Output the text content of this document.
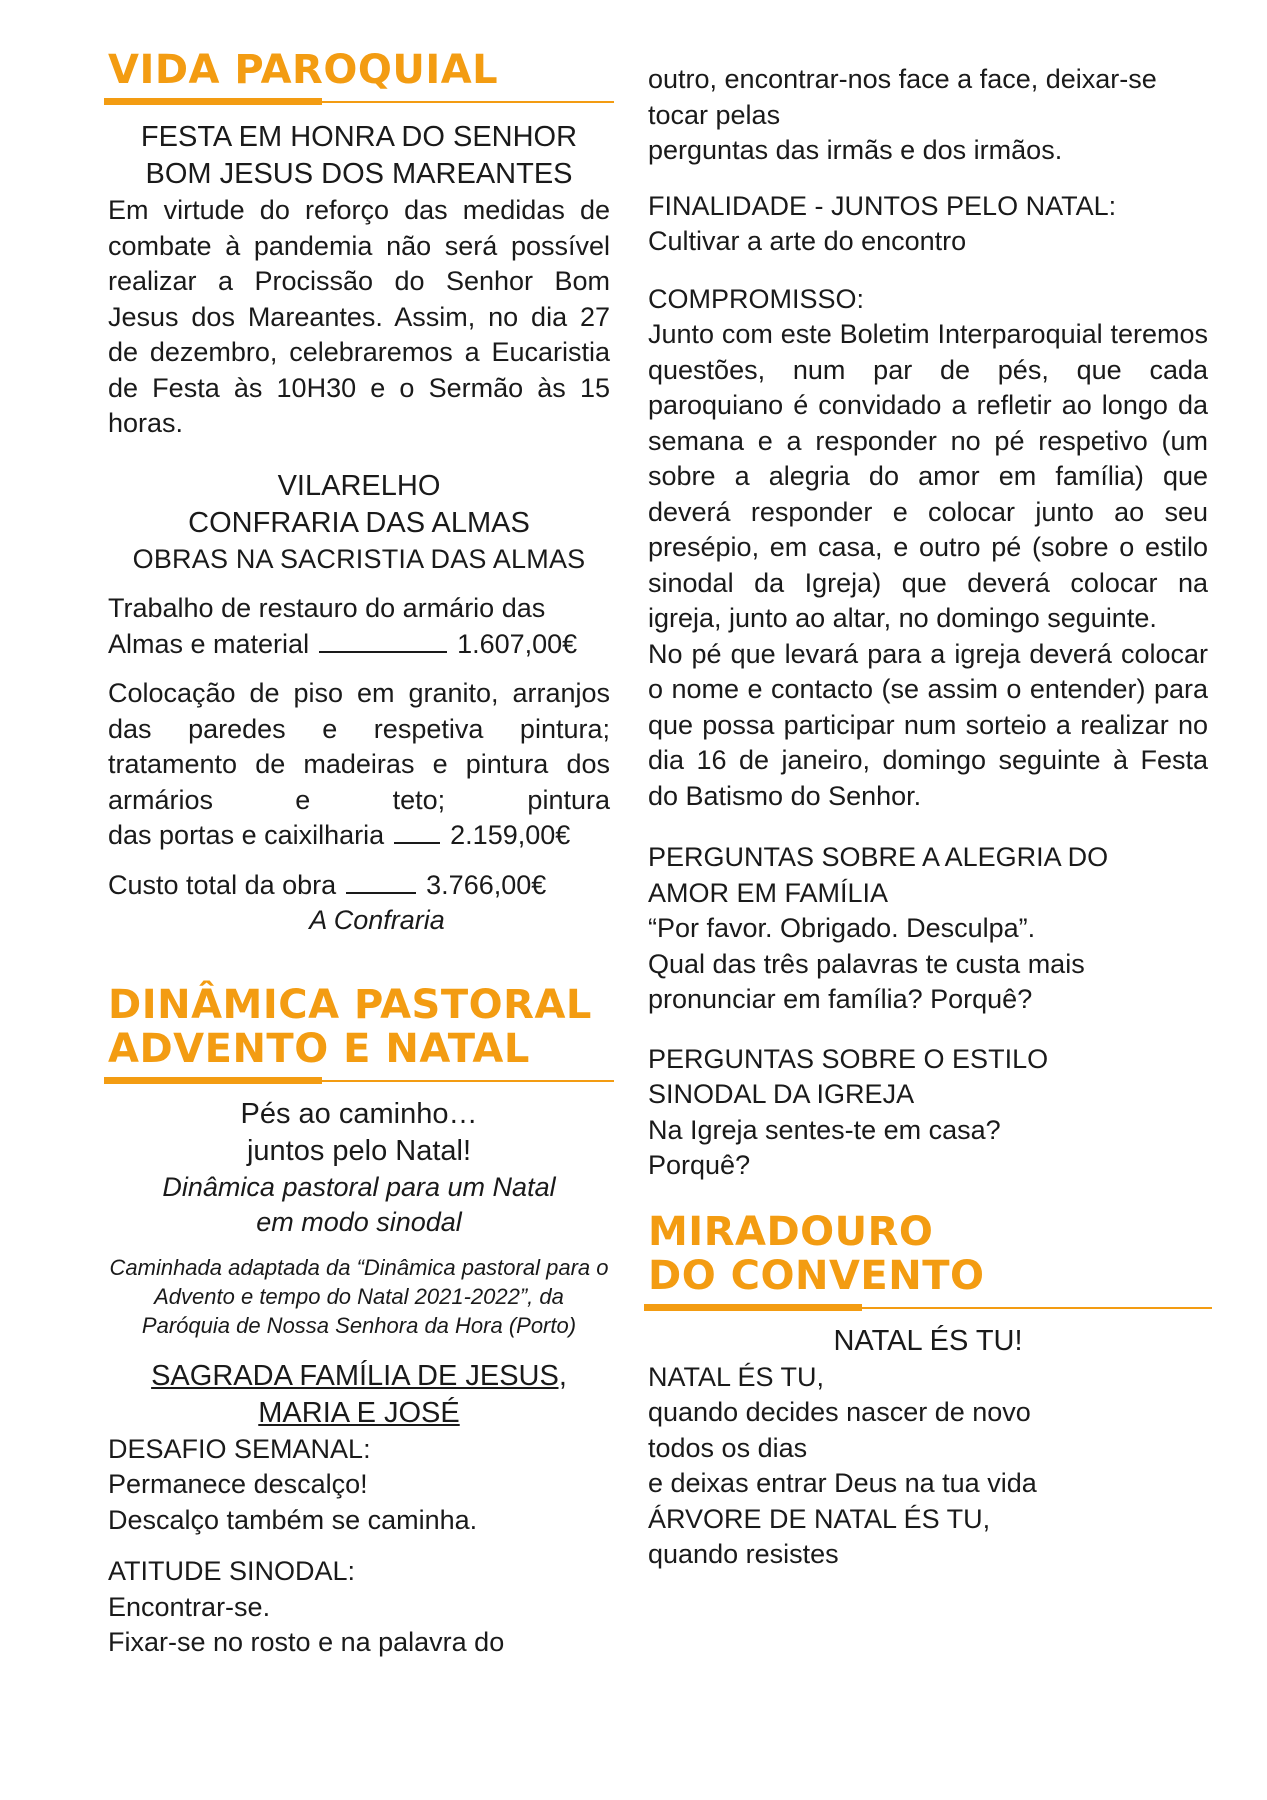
VIDA PAROQUIAL

FESTA EM HONRA DO SENHOR

BOM JESUS DOS MAREANTES

Em virtude do reforço das medidas de combate à pandemia não será possível realizar a Procissão do Senhor Bom Jesus dos Mareantes. Assim, no dia 27 de dezembro, celebraremos a Eucaristia de Festa às 10H30 e o Sermão às 15 horas.

VILARELHO

CONFRARIA DAS ALMAS

OBRAS NA SACRISTIA DAS ALMAS

Trabalho de restauro do armário das

Almas e material	1.607,00€

Colocação de piso em granito, arranjos das paredes e respetiva pintura; tratamento de madeiras e pintura dos armários e teto; pintura

das portas e caixilharia 2.159,00€
Custo total da obra	3.766,00€

A Confraria

DINÂMICA PASTORAL
ADVENTO E NATAL

Pés ao caminho…

juntos pelo Natal!

Dinâmica pastoral para um Natal

em modo sinodal

Caminhada adaptada da “Dinâmica pastoral para o Advento e tempo do Natal 2021-2022”, da Paróquia de Nossa Senhora da Hora (Porto)

SAGRADA FAMÍLIA DE JESUS,

MARIA E JOSÉ

DESAFIO SEMANAL:

Permanece descalço!

Descalço também se caminha.

ATITUDE SINODAL:

Encontrar-se.

Fixar-se no rosto e na palavra do

outro, encontrar-nos face a face, deixar-se

tocar pelas

perguntas das irmãs e dos irmãos.

FINALIDADE - JUNTOS PELO NATAL:

Cultivar a arte do encontro

COMPROMISSO:

Junto com este Boletim Interparoquial teremos questões, num par de pés, que cada paroquiano é convidado a refletir ao longo da semana e a responder no pé respetivo (um sobre a alegria do amor em família) que deverá responder e colocar junto ao seu presépio, em casa, e outro pé (sobre o estilo sinodal da Igreja) que deverá colocar na igreja, junto ao altar, no domingo seguinte.

No pé que levará para a igreja deverá colocar o nome e contacto (se assim o entender) para que possa participar num sorteio a realizar no dia 16 de janeiro, domingo seguinte à Festa do Batismo do Senhor.

PERGUNTAS SOBRE A ALEGRIA DO

AMOR EM FAMÍLIA

“Por favor. Obrigado. Desculpa”.

Qual das três palavras te custa mais

pronunciar em família? Porquê?

PERGUNTAS SOBRE O ESTILO

SINODAL DA IGREJA

Na Igreja sentes-te em casa?

Porquê?

MIRADOURO
DO CONVENTO

NATAL ÉS TU!

NATAL ÉS TU,

quando decides nascer de novo

todos os dias

e deixas entrar Deus na tua vida

ÁRVORE DE NATAL ÉS TU,

quando resistes
